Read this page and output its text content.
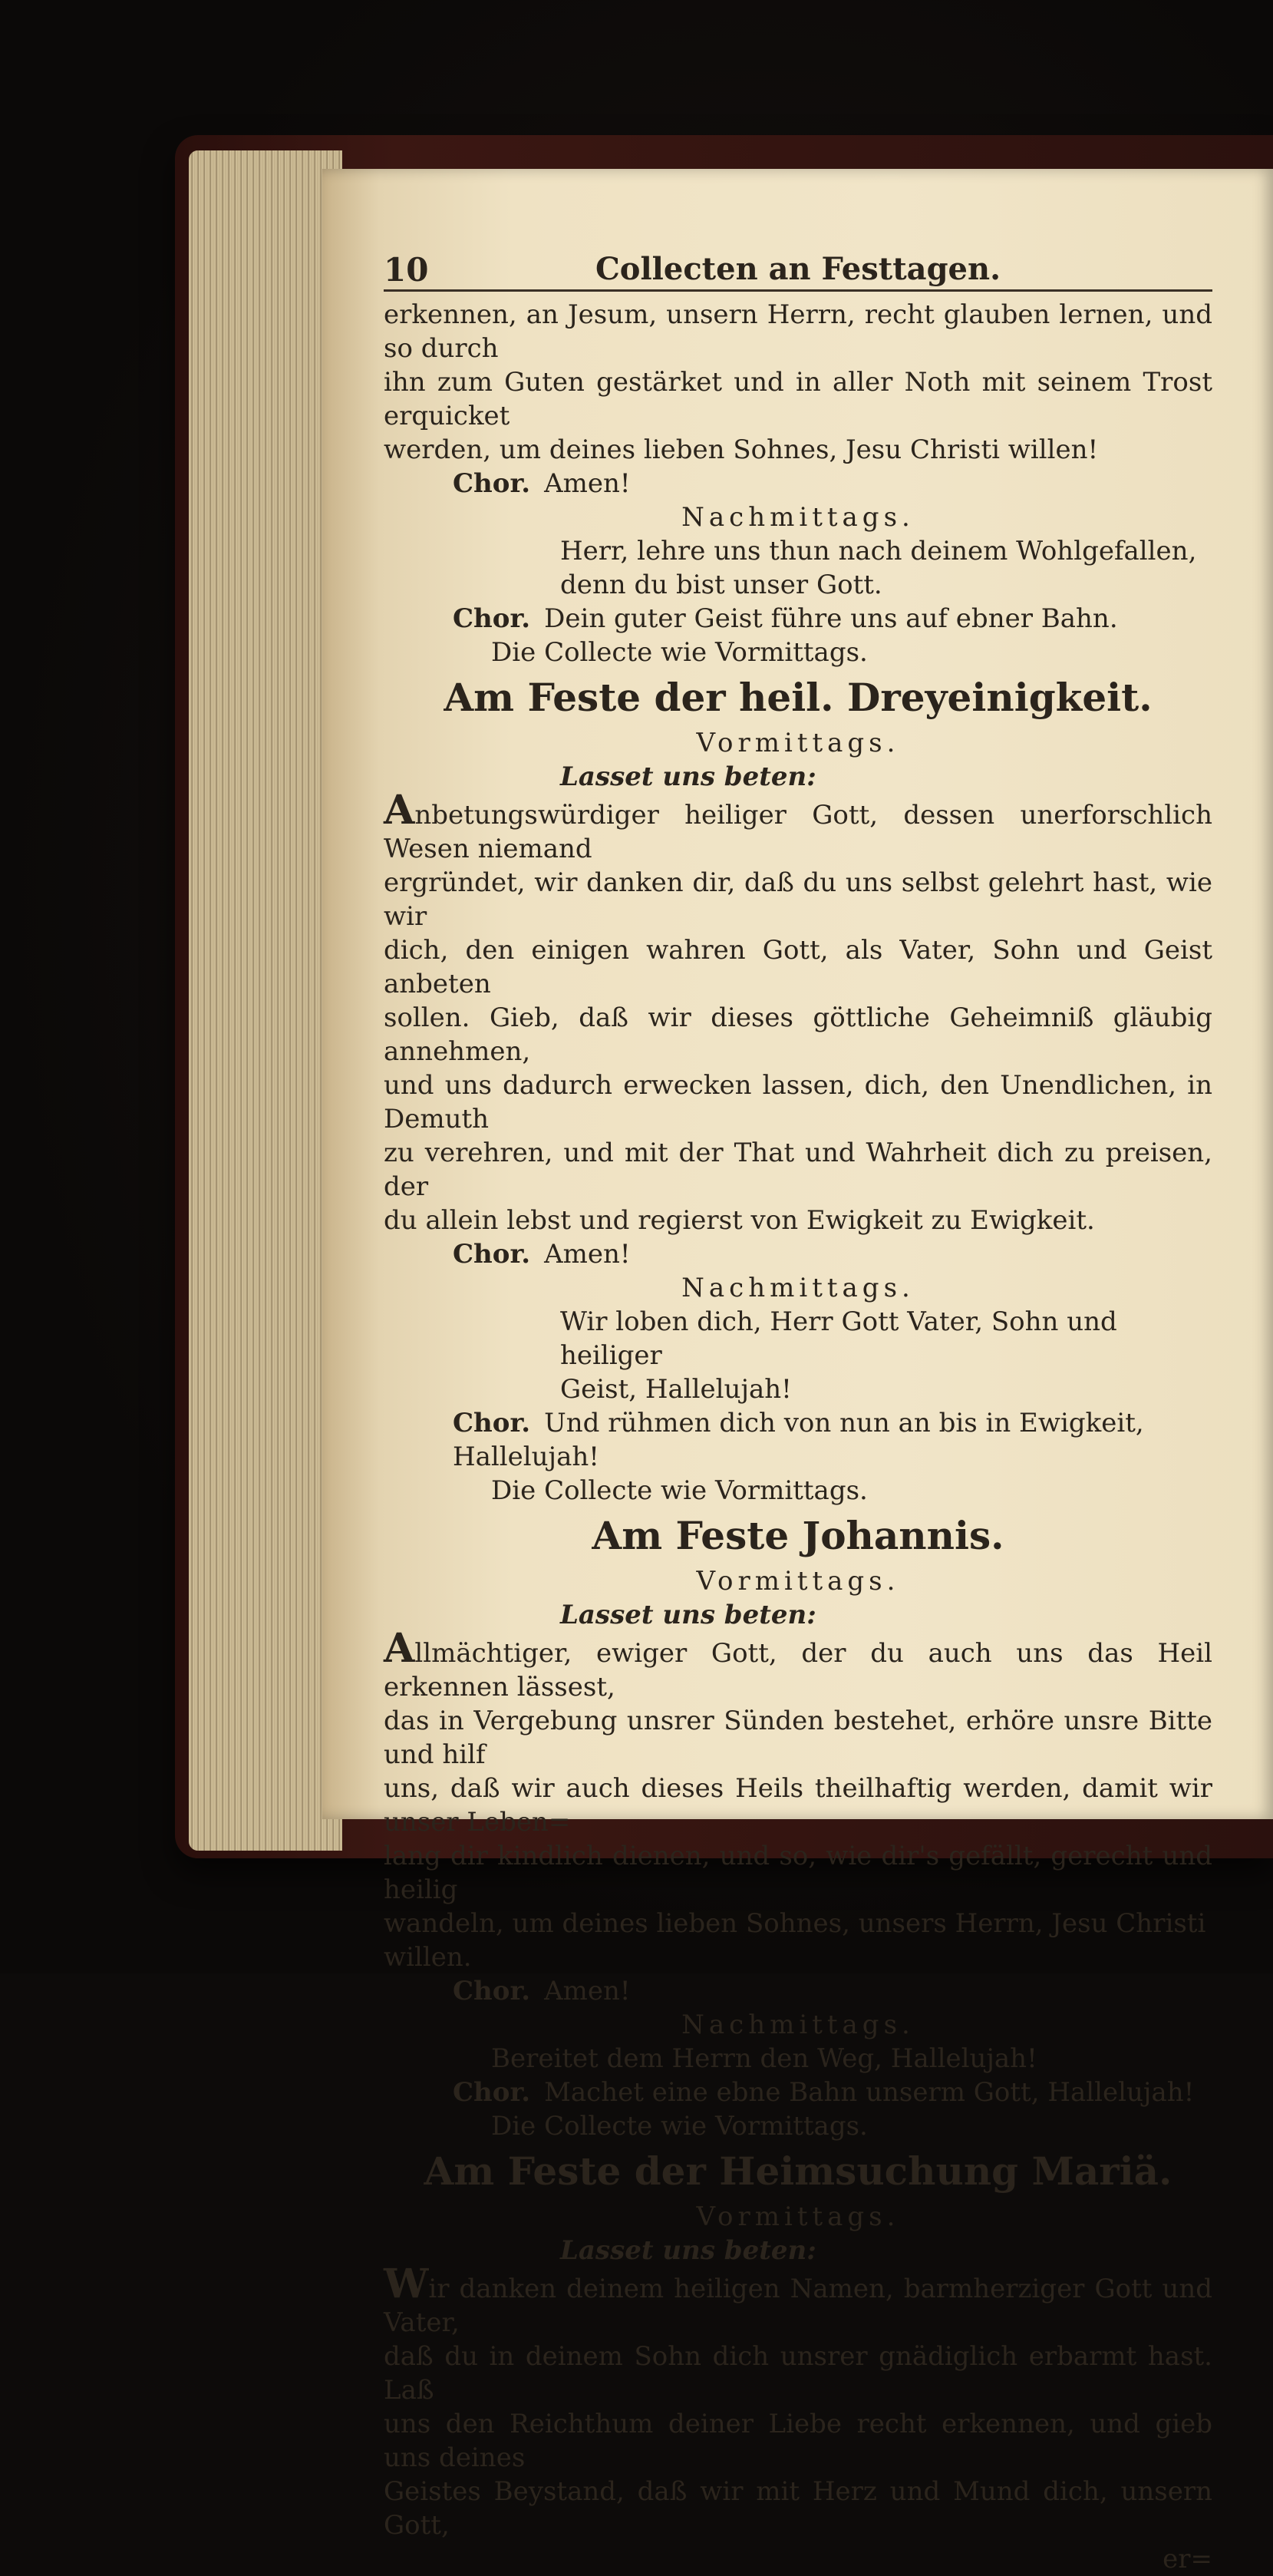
10	Collecten an Festtagen.

erkennen, an Jesum, unsern Herrn, recht glauben lernen, und so durch

ihn zum Guten gestärket und in aller Noth mit seinem Trost erquicket

werden, um deines lieben Sohnes, Jesu Christi willen!

Chor. Amen!

Nachmittags.

Herr, lehre uns thun nach deinem Wohlgefallen,

denn du bist unser Gott.

Chor. Dein guter Geist führe uns auf ebner Bahn.

Die Collecte wie Vormittags.

Am Feste der heil. Dreyeinigkeit.

Vormittags.

Lasset uns beten:

Anbetungswürdiger heiliger Gott, dessen unerforschlich Wesen niemand

ergründet, wir danken dir, daß du uns selbst gelehrt hast, wie wir

dich, den einigen wahren Gott, als Vater, Sohn und Geist anbeten

sollen. Gieb, daß wir dieses göttliche Geheimniß gläubig annehmen,

und uns dadurch erwecken lassen, dich, den Unendlichen, in Demuth

zu verehren, und mit der That und Wahrheit dich zu preisen, der

du allein lebst und regierst von Ewigkeit zu Ewigkeit.

Chor. Amen!

Nachmittags.

Wir loben dich, Herr Gott Vater, Sohn und heiliger

Geist, Hallelujah!

Chor. Und rühmen dich von nun an bis in Ewigkeit, Hallelujah!

Die Collecte wie Vormittags.

Am Feste Johannis.

Vormittags.

Lasset uns beten:

Allmächtiger, ewiger Gott, der du auch uns das Heil erkennen lässest,

das in Vergebung unsrer Sünden bestehet, erhöre unsre Bitte und hilf

uns, daß wir auch dieses Heils theilhaftig werden, damit wir unser Leben=

lang dir kindlich dienen, und so, wie dir's gefällt, gerecht und heilig

wandeln, um deines lieben Sohnes, unsers Herrn, Jesu Christi willen.

Chor. Amen!

Nachmittags.

Bereitet dem Herrn den Weg, Hallelujah!

Chor. Machet eine ebne Bahn unserm Gott, Hallelujah!

Die Collecte wie Vormittags.

Am Feste der Heimsuchung Mariä.

Vormittags.

Lasset uns beten:

Wir danken deinem heiligen Namen, barmherziger Gott und Vater,

daß du in deinem Sohn dich unsrer gnädiglich erbarmt hast. Laß

uns den Reichthum deiner Liebe recht erkennen, und gieb uns deines

Geistes Beystand, daß wir mit Herz und Mund dich, unsern Gott,

er=
